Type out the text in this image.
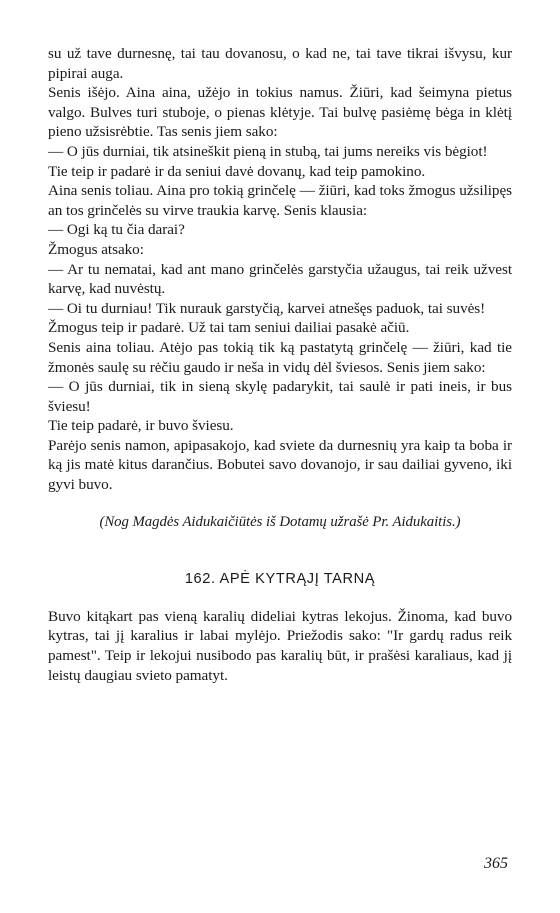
su už tave durnesnę, tai tau dovanosu, o kad ne, tai tave tikrai išvysu, kur pipirai auga.

Senis išėjo. Aina aina, užėjo in tokius namus. Žiūri, kad šeimyna pietus valgo. Bulves turi stuboje, o pienas klėtyje. Tai bulvę pasiėmę bėga in klėtį pieno užsisrėbtie. Tas senis jiem sako:

— O jūs durniai, tik atsineškit pieną in stubą, tai jums nereiks vis bėgiot!

Tie teip ir padarė ir da seniui davė dovanų, kad teip pamokino.

Aina senis toliau. Aina pro tokią grinčelę — žiūri, kad toks žmogus užsilipęs an tos grinčelės su virve traukia karvę. Senis klausia:

— Ogi ką tu čia darai?

Žmogus atsako:

— Ar tu nematai, kad ant mano grinčelės garstyčia užaugus, tai reik užvest karvę, kad nuvėstų.

— Oi tu durniau! Tik nurauk garstyčią, karvei atnešęs paduok, tai suvės!

Žmogus teip ir padarė. Už tai tam seniui dailiai pasakė ačiū.

Senis aina toliau. Atėjo pas tokią tik ką pastatytą grinčelę — žiūri, kad tie žmonės saulę su rėčiu gaudo ir neša in vidų dėl šviesos. Senis jiem sako:

— O jūs durniai, tik in sieną skylę padarykit, tai saulė ir pati ineis, ir bus šviesu!

Tie teip padarė, ir buvo šviesu.

Parėjo senis namon, apipasakojo, kad sviete da durnesnių yra kaip ta boba ir ką jis matė kitus darančius. Bobutei savo dovanojo, ir sau dailiai gyveno, iki gyvi buvo.

(Nog Magdės Aidukaičiūtės iš Dotamų užrašė Pr. Aidukaitis.)
162. APĖ KYTRĄJĮ TARNĄ

Buvo kitąkart pas vieną karalių dideliai kytras lekojus. Žinoma, kad buvo kytras, tai jį karalius ir labai mylėjo. Priežodis sako: "Ir gardų radus reik pamest". Teip ir lekojui nusibodo pas karalių būt, ir prašėsi karaliaus, kad jį leistų daugiau svieto pamatyt.

365
